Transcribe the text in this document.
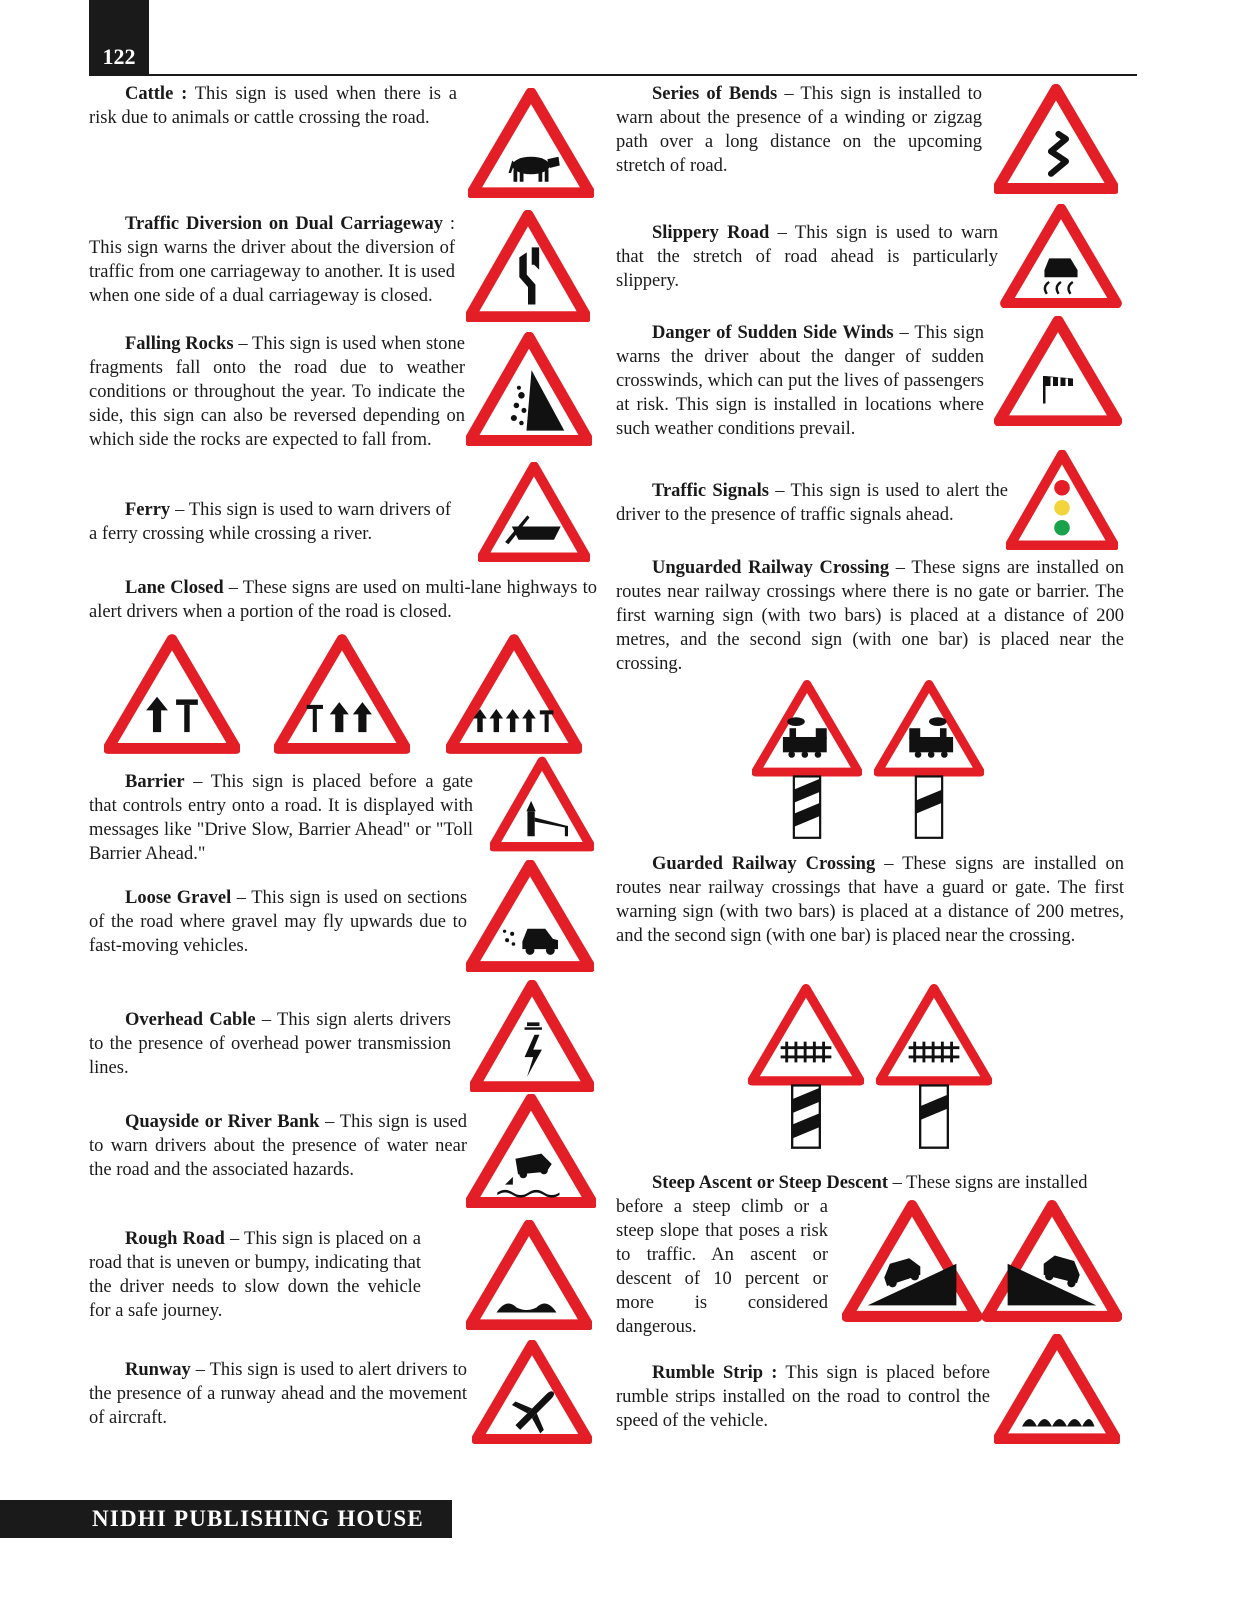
122

Cattle : This sign is used when there is a risk due to animals or cattle crossing the road.

Traffic Diversion on Dual Carriageway : This sign warns the driver about the diversion of traffic from one carriageway to another. It is used when one side of a dual carriageway is closed.

Falling Rocks – This sign is used when stone fragments fall onto the road due to weather conditions or throughout the year. To indicate the side, this sign can also be reversed depending on which side the rocks are expected to fall from.

Ferry – This sign is used to warn drivers of a ferry crossing while crossing a river.

Lane Closed – These signs are used on multi-lane highways to alert drivers when a portion of the road is closed.

Barrier – This sign is placed before a gate that controls entry onto a road. It is displayed with messages like "Drive Slow, Barrier Ahead" or "Toll Barrier Ahead."

Loose Gravel – This sign is used on sections of the road where gravel may fly upwards due to fast-moving vehicles.

Overhead Cable – This sign alerts drivers to the presence of overhead power transmission lines.

Quayside or River Bank – This sign is used to warn drivers about the presence of water near the road and the associated hazards.

Rough Road – This sign is placed on a road that is uneven or bumpy, indicating that the driver needs to slow down the vehicle for a safe journey.

Runway – This sign is used to alert drivers to the presence of a runway ahead and the movement of aircraft.

Series of Bends – This sign is installed to warn about the presence of a winding or zigzag path over a long distance on the upcoming stretch of road.

Slippery Road – This sign is used to warn that the stretch of road ahead is particularly slippery.

Danger of Sudden Side Winds – This sign warns the driver about the danger of sudden crosswinds, which can put the lives of passengers at risk. This sign is installed in locations where such weather conditions prevail.

Traffic Signals – This sign is used to alert the driver to the presence of traffic signals ahead.

Unguarded Railway Crossing – These signs are installed on routes near railway crossings where there is no gate or barrier. The first warning sign (with two bars) is placed at a distance of 200 metres, and the second sign (with one bar) is placed near the crossing.

Guarded Railway Crossing – These signs are installed on routes near railway crossings that have a guard or gate. The first warning sign (with two bars) is placed at a distance of 200 metres, and the second sign (with one bar) is placed near the crossing.

Steep Ascent or Steep Descent – These signs are installed

before a steep climb or a steep slope that poses a risk to traffic. An ascent or descent of 10 percent or more is considered dangerous.

Rumble Strip : This sign is placed before rumble strips installed on the road to control the speed of the vehicle.

NIDHI PUBLISHING HOUSE
